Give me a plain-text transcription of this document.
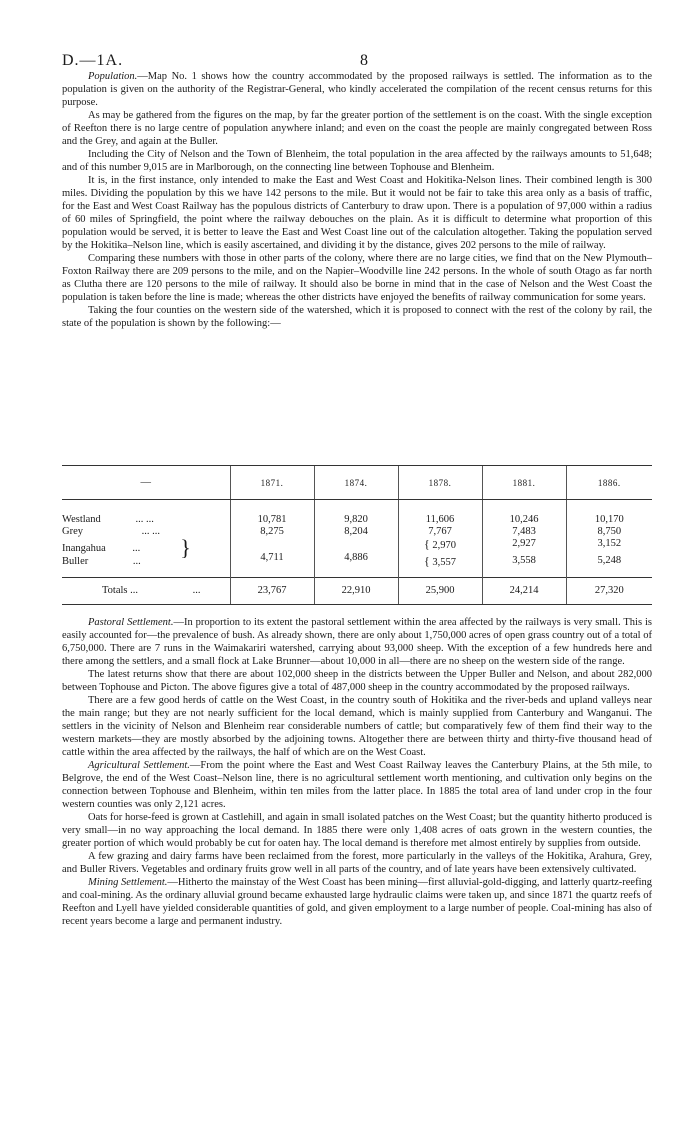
D.—1A.	8

Population.—Map No. 1 shows how the country accommodated by the proposed railways is settled. The information as to the population is given on the authority of the Registrar-General, who kindly accelerated the compilation of the recent census returns for this purpose.

As may be gathered from the figures on the map, by far the greater portion of the settlement is on the coast. With the single exception of Reefton there is no large centre of population anywhere inland; and even on the coast the people are mainly congregated between Ross and the Grey, and again at the Buller.

Including the City of Nelson and the Town of Blenheim, the total population in the area affected by the railways amounts to 51,648; and of this number 9,015 are in Marlborough, on the connecting line between Tophouse and Blenheim.

It is, in the first instance, only intended to make the East and West Coast and Hokitika-Nelson lines. Their combined length is 300 miles. Dividing the population by this we have 142 persons to the mile. But it would not be fair to take this area only as a basis of traffic, for the East and West Coast Railway has the populous districts of Canterbury to draw upon. There is a population of 97,000 within a radius of 60 miles of Springfield, the point where the railway debouches on the plain. As it is difficult to determine what proportion of this population would be served, it is better to leave the East and West Coast line out of the calculation altogether. Taking the population served by the Hokitika–Nelson line, which is easily ascertained, and dividing it by the distance, gives 202 persons to the mile of railway.

Comparing these numbers with those in other parts of the colony, where there are no large cities, we find that on the New Plymouth–Foxton Railway there are 209 persons to the mile, and on the Napier–Woodville line 242 persons. In the whole of south Otago as far north as Clutha there are 120 persons to the mile of railway. It should also be borne in mind that in the case of Nelson and the West Coast the population is taken before the line is made; whereas the other districts have enjoyed the benefits of railway communication for some years.

Taking the four counties on the western side of the watershed, which it is proposed to connect with the rest of the colony by rail, the state of the population is shown by the following:—

—	1871.	1874.	1878.	1881.	1886.
Westland ... ...	10,781	9,820	11,606	10,246	10,170
Grey ... ...	8,275	8,204	7,767	7,483	8,750
Inangahua ... }	4,711	4,886	{ 2,970	2,927	3,152
Buller ...			{ 3,557	3,558	5,248
Totals ... ...	23,767	22,910	25,900	24,214	27,320

Pastoral Settlement.—In proportion to its extent the pastoral settlement within the area affected by the railways is very small. This is easily accounted for—the prevalence of bush. As already shown, there are only about 1,750,000 acres of open grass country out of a total of 6,750,000. There are 7 runs in the Waimakariri watershed, carrying about 93,000 sheep. With the exception of a few hundreds here and there among the settlers, and a small flock at Lake Brunner—about 10,000 in all—there are no sheep on the western side of the range.

The latest returns show that there are about 102,000 sheep in the districts between the Upper Buller and Nelson, and about 282,000 between Tophouse and Picton. The above figures give a total of 487,000 sheep in the country accommodated by the proposed railways.

There are a few good herds of cattle on the West Coast, in the country south of Hokitika and the river-beds and upland valleys near the main range; but they are not nearly sufficient for the local demand, which is mainly supplied from Canterbury and Wanganui. The settlers in the vicinity of Nelson and Blenheim rear considerable numbers of cattle; but comparatively few of them find their way to the western markets—they are mostly absorbed by the adjoining towns. Altogether there are between thirty and thirty-five thousand head of cattle within the area affected by the railways, the half of which are on the West Coast.

Agricultural Settlement.—From the point where the East and West Coast Railway leaves the Canterbury Plains, at the 5th mile, to Belgrove, the end of the West Coast–Nelson line, there is no agricultural settlement worth mentioning, and cultivation only begins on the connection between Tophouse and Blenheim, within ten miles from the latter place. In 1885 the total area of land under crop in the four western counties was only 2,121 acres.

Oats for horse-feed is grown at Castlehill, and again in small isolated patches on the West Coast; but the quantity hitherto produced is very small—in no way approaching the local demand. In 1885 there were only 1,408 acres of oats grown in the western counties, the greater portion of which would probably be cut for oaten hay. The local demand is therefore met almost entirely by supplies from outside.

A few grazing and dairy farms have been reclaimed from the forest, more particularly in the valleys of the Hokitika, Arahura, Grey, and Buller Rivers. Vegetables and ordinary fruits grow well in all parts of the country, and of late years have been extensively cultivated.

Mining Settlement.—Hitherto the mainstay of the West Coast has been mining—first alluvial-gold-digging, and latterly quartz-reefing and coal-mining. As the ordinary alluvial ground became exhausted large hydraulic claims were taken up, and since 1871 the quartz reefs of Reefton and Lyell have yielded considerable quantities of gold, and given employment to a large number of people. Coal-mining has also of recent years become a large and permanent industry.
